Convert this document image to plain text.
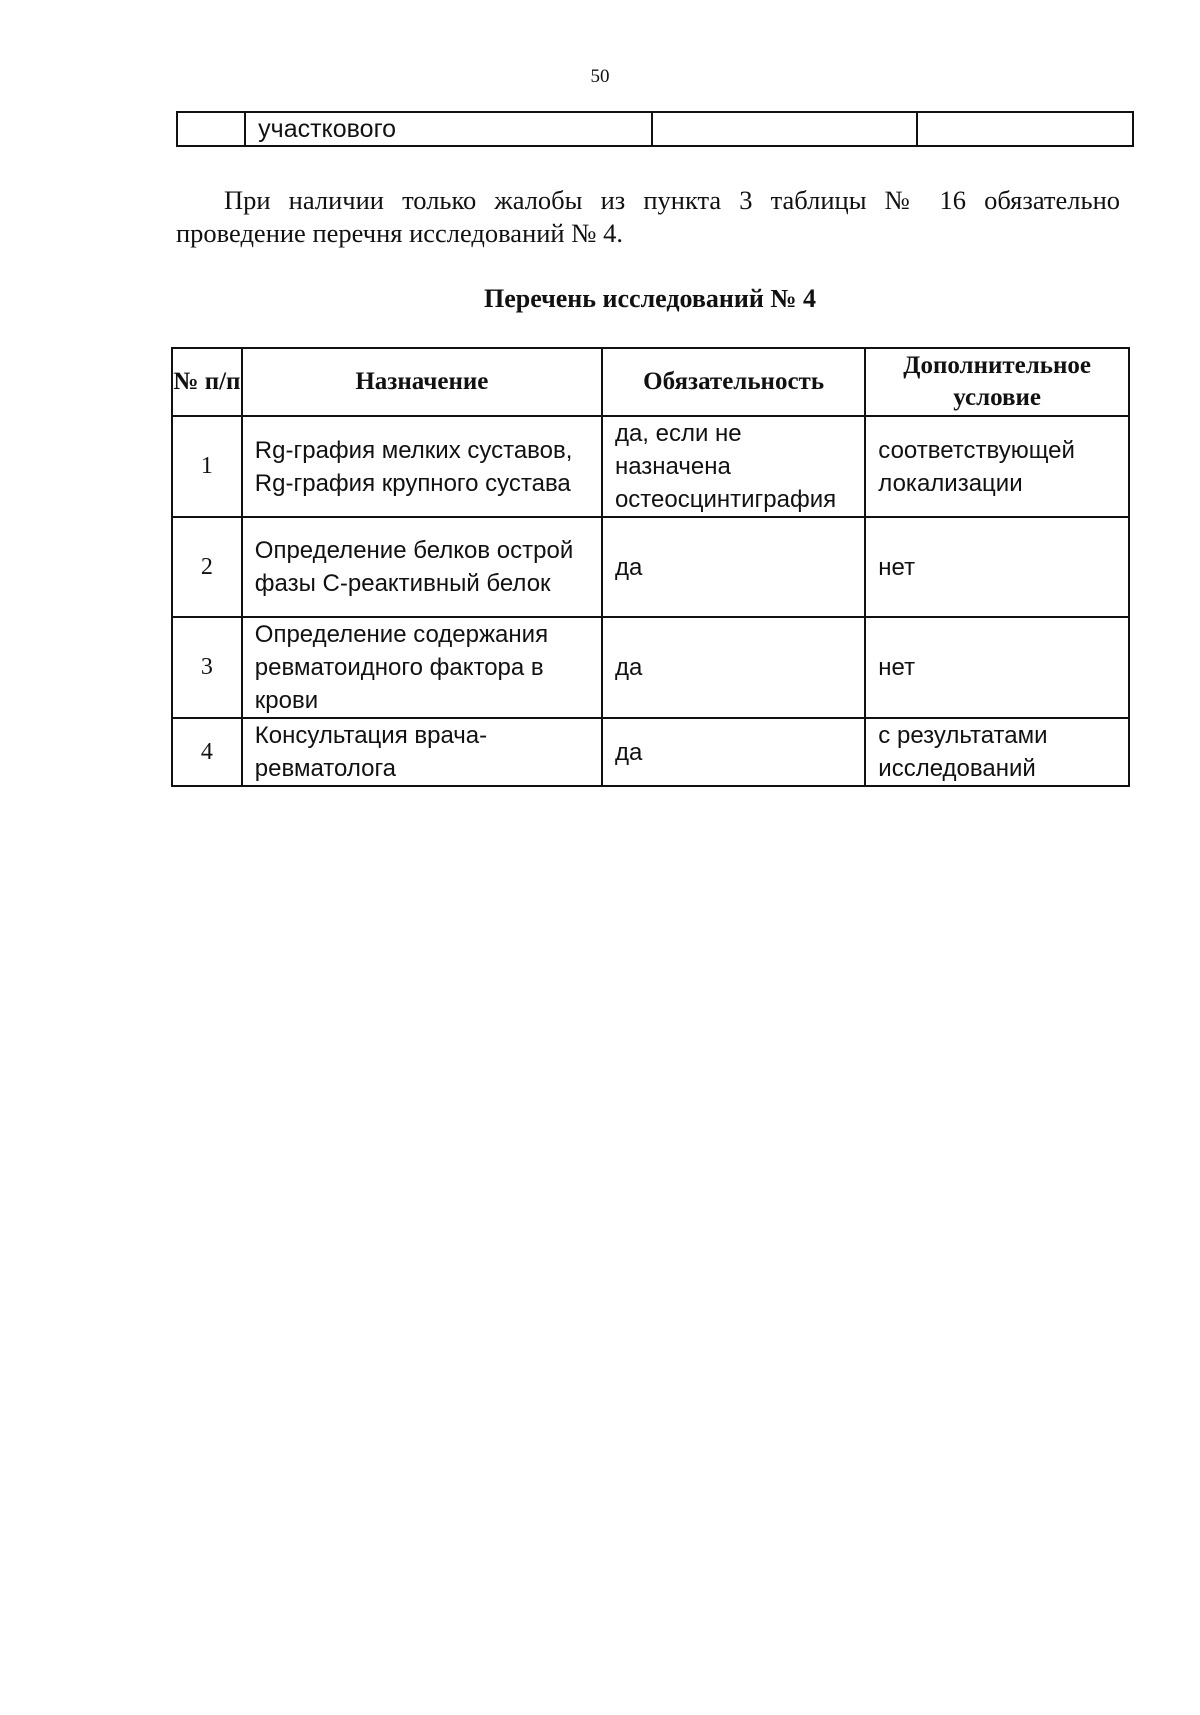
50
	участкового		
При наличии только жалобы из пункта 3 таблицы № 16 обязательно проведение перечня исследований № 4.
Перечень исследований № 4
№ п/п	Назначение	Обязательность	Дополнительное условие
1	Rg-графия мелких суставов, Rg-графия крупного сустава	да, если не назначена остеосцинтиграфия	соответствующей локализации
2	Определение белков острой фазы С-реактивный белок	да	нет
3	Определение содержания ревматоидного фактора в крови	да	нет
4	Консультация врача-ревматолога	да	с результатами исследований
